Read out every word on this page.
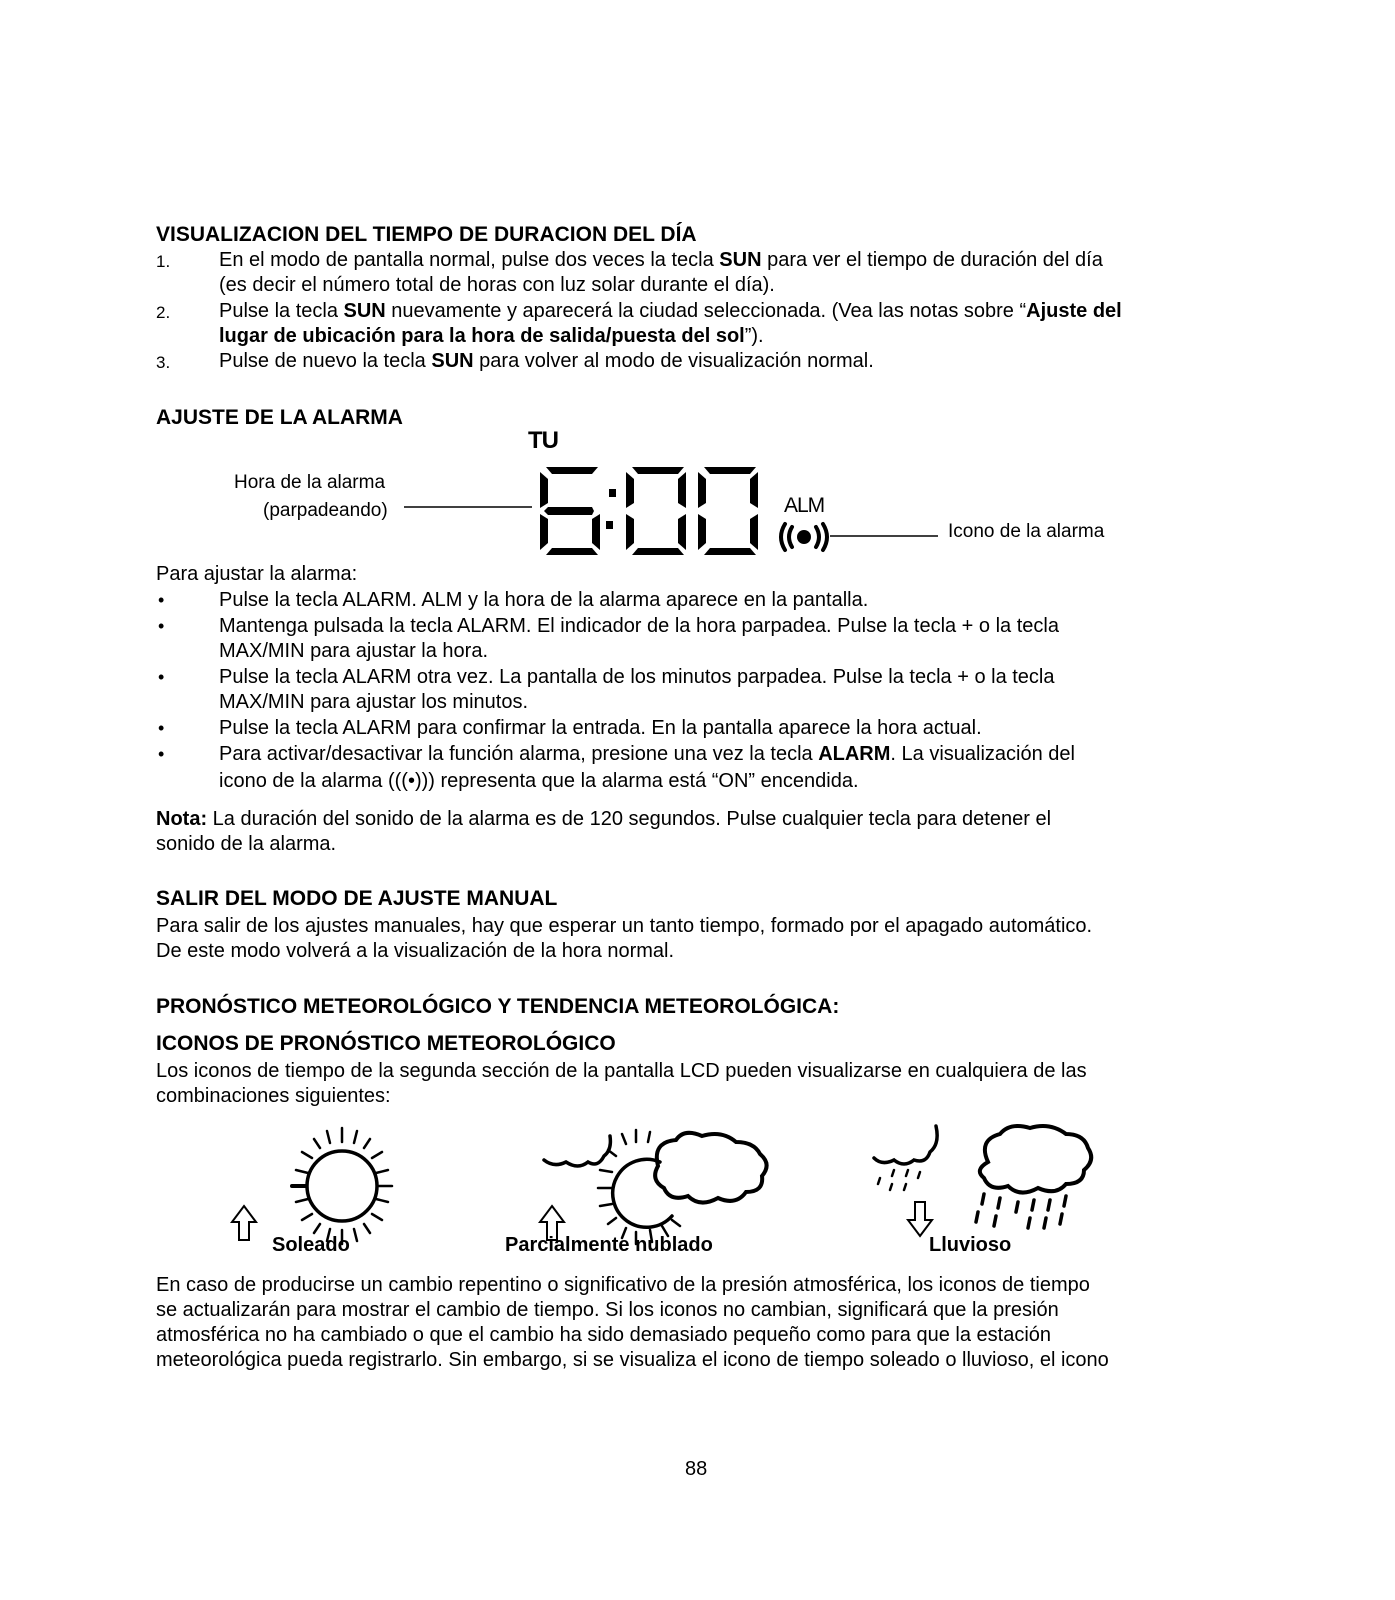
VISUALIZACION DEL TIEMPO DE DURACION DEL DÍA
1. En el modo de pantalla normal, pulse dos veces la tecla SUN para ver el tiempo de duración del día
(es decir el número total de horas con luz solar durante el día).
2. Pulse la tecla SUN nuevamente y aparecerá la ciudad seleccionada. (Vea las notas sobre “Ajuste del
lugar de ubicación para la hora de salida/puesta del sol”).
3. Pulse de nuevo la tecla SUN para volver al modo de visualización normal.
AJUSTE DE LA ALARMA
TU
ALM
Hora de la alarma
(parpadeando)
Icono de la alarma
Para ajustar la alarma:
•	Pulse la tecla ALARM. ALM y la hora de la alarma aparece en la pantalla.
•	Mantenga pulsada la tecla ALARM. El indicador de la hora parpadea. Pulse la tecla + o la tecla
MAX/MIN para ajustar la hora.
•	Pulse la tecla ALARM otra vez. La pantalla de los minutos parpadea. Pulse la tecla + o la tecla
MAX/MIN para ajustar los minutos.
•	Pulse la tecla ALARM para confirmar la entrada. En la pantalla aparece la hora actual.
•	Para activar/desactivar la función alarma, presione una vez la tecla ALARM. La visualización del
icono de la alarma (((•))) representa que la alarma está “ON” encendida.
Nota: La duración del sonido de la alarma es de 120 segundos. Pulse cualquier tecla para detener el
sonido de la alarma.
SALIR DEL MODO DE AJUSTE MANUAL
Para salir de los ajustes manuales, hay que esperar un tanto tiempo, formado por el apagado automático.
De este modo volverá a la visualización de la hora normal.
PRONÓSTICO METEOROLÓGICO Y TENDENCIA METEOROLÓGICA:
ICONOS DE PRONÓSTICO METEOROLÓGICO
Los iconos de tiempo de la segunda sección de la pantalla LCD pueden visualizarse en cualquiera de las
combinaciones siguientes:
Soleado	Parcialmente nublado	Lluvioso
En caso de producirse un cambio repentino o significativo de la presión atmosférica, los iconos de tiempo
se actualizarán para mostrar el cambio de tiempo. Si los iconos no cambian, significará que la presión
atmosférica no ha cambiado o que el cambio ha sido demasiado pequeño como para que la estación
meteorológica pueda registrarlo. Sin embargo, si se visualiza el icono de tiempo soleado o lluvioso, el icono
88
